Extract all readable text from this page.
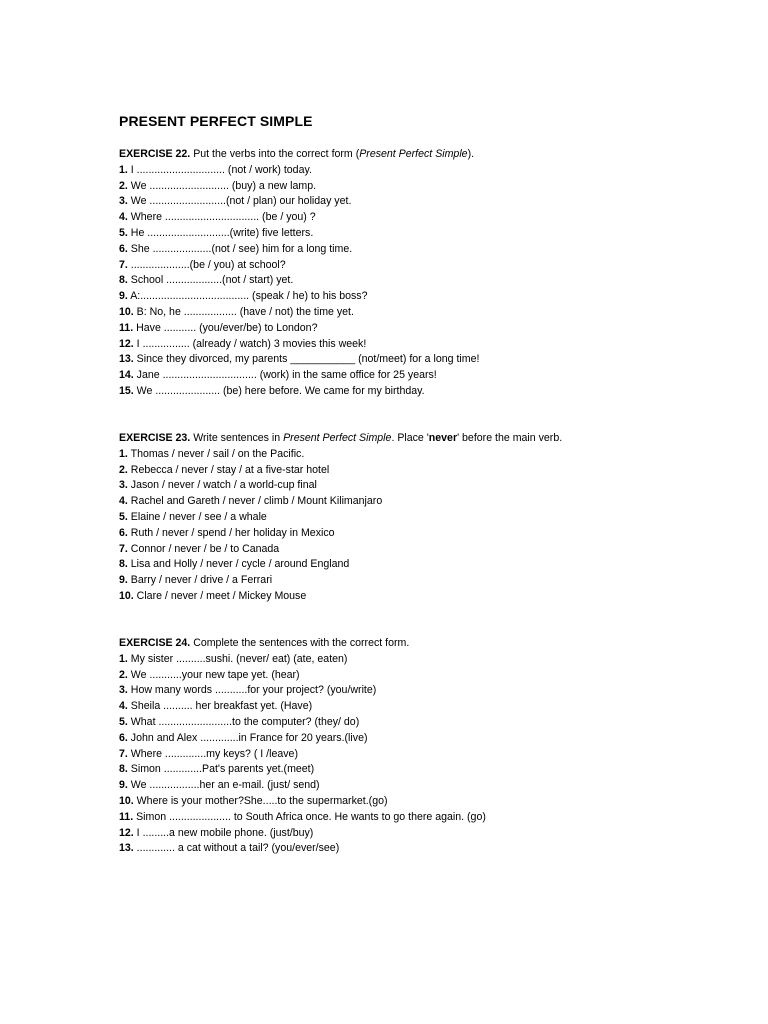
PRESENT PERFECT SIMPLE
EXERCISE 22. Put the verbs into the correct form (Present Perfect Simple).
1. I .............................. (not / work) today.
2. We ........................... (buy) a new lamp.
3. We ..........................(not / plan) our holiday yet.
4. Where ................................ (be / you) ?
5. He ............................(write) five letters.
6. She ....................(not / see) him for a long time.
7. ....................(be / you) at school?
8. School ...................(not / start) yet.
9. A:..................................... (speak / he) to his boss?
10. B: No, he .................. (have / not) the time yet.
11. Have ........... (you/ever/be) to London?
12. I ................ (already / watch) 3 movies this week!
13. Since they divorced, my parents ___________ (not/meet) for a long time!
14. Jane ................................ (work) in the same office for 25 years!
15. We ...................... (be) here before. We came for my birthday.
EXERCISE 23. Write sentences in Present Perfect Simple. Place 'never' before the main verb.
1. Thomas / never / sail / on the Pacific.
2. Rebecca / never / stay / at a five-star hotel
3. Jason / never / watch / a world-cup final
4. Rachel and Gareth / never / climb / Mount Kilimanjaro
5. Elaine / never / see / a whale
6. Ruth / never / spend / her holiday in Mexico
7. Connor / never / be / to Canada
8. Lisa and Holly / never / cycle / around England
9. Barry / never / drive / a Ferrari
10. Clare / never / meet / Mickey Mouse
EXERCISE 24. Complete the sentences with the correct form.
1. My sister ..........sushi. (never/ eat) (ate, eaten)
2. We ...........your new tape yet. (hear)
3. How many words ...........for your project? (you/write)
4. Sheila .......... her breakfast yet. (Have)
5. What .........................to the computer? (they/ do)
6. John and Alex .............in France for 20 years.(live)
7. Where ..............my keys? ( I /leave)
8. Simon .............Pat's parents yet.(meet)
9. We .................her an e-mail. (just/ send)
10. Where is your mother?She.....to the supermarket.(go)
11. Simon ..................... to South Africa once. He wants to go there again. (go)
12. I .........a new mobile phone. (just/buy)
13. ............. a cat without a tail? (you/ever/see)
